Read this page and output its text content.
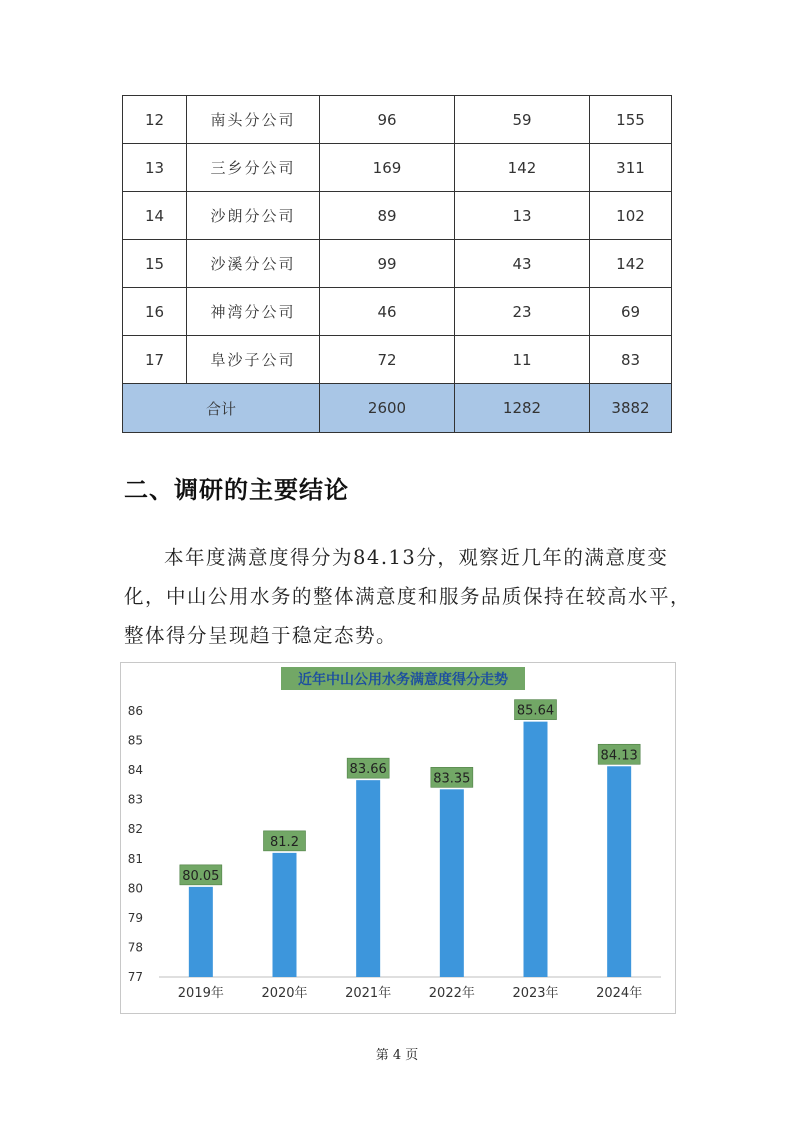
12	南头分公司	96	59	155
13	三乡分公司	169	142	311
14	沙朗分公司	89	13	102
15	沙溪分公司	99	43	142
16	神湾分公司	46	23	69
17	阜沙子公司	72	11	83
合计		2600	1282	3882
二、调研的主要结论

本年度满意度得分为84.13分，观察近几年的满意度变化，中山公用水务的整体满意度和服务品质保持在较高水平，整体得分呈现趋于稳定态势。

近年中山公用水务满意度得分走势
77
78
79
80
81
82
83
84
85
86
80.05
2019年
81.2
2020年
83.66
2021年
83.35
2022年
85.64
2023年
84.13
2024年
第 4 页
